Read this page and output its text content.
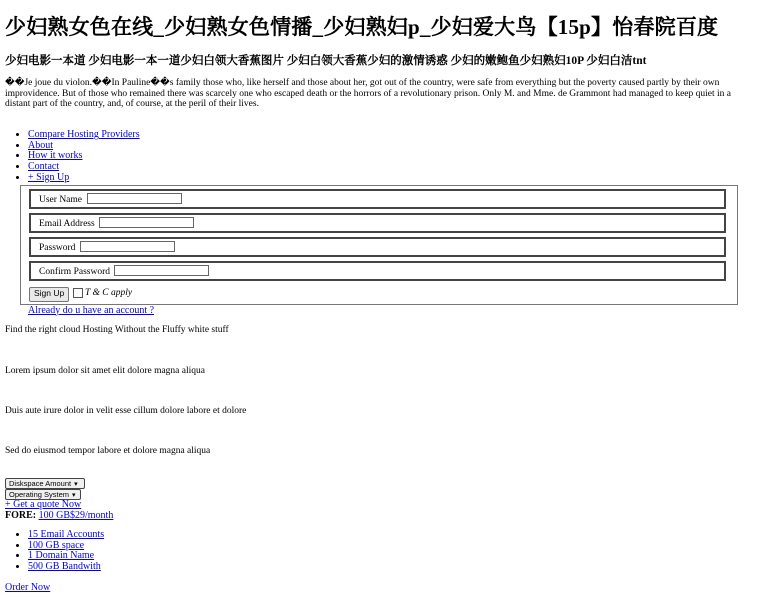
少妇熟女色在线_少妇熟女色情播_少妇熟妇p_少妇爱大鸟【15p】怡春院百度
少妇电影一本道 少妇电影一本一道少妇白领大香蕉图片 少妇白领大香蕉少妇的激情诱惑 少妇的嫩鲍鱼少妇熟妇10P 少妇白洁tnt

��Je joue du violon.��In Pauline��s family those who, like herself and those about her, got out of the country, were safe from everything but the poverty caused partly by their own improvidence. But of those who remained there was scarcely one who escaped death or the horrors of a revolutionary prison. Only M. and Mme. de Grammont had managed to keep quiet in a distant part of the country, and, of course, at the peril of their lives.

• Compare Hosting Providers
• About
• How it works
• Contact
• + Sign Up
User Name
Email Address
Password
Confirm Password
Sign Up	T & C apply
Already do u have an account ?
Find the right cloud Hosting Without the Fluffy white stuff
Lorem ipsum dolor sit amet elit dolore magna aliqua
Duis aute irure dolor in velit esse cillum dolore labore et dolore
Sed do eiusmod tempor labore et dolore magna aliqua
Diskspace Amount ▾
Operating System ▾
+ Get a quote Now
FORE: 100 GB$29/month
• 15 Email Accounts
• 100 GB space
• 1 Domain Name
• 500 GB Bandwith
Order Now
